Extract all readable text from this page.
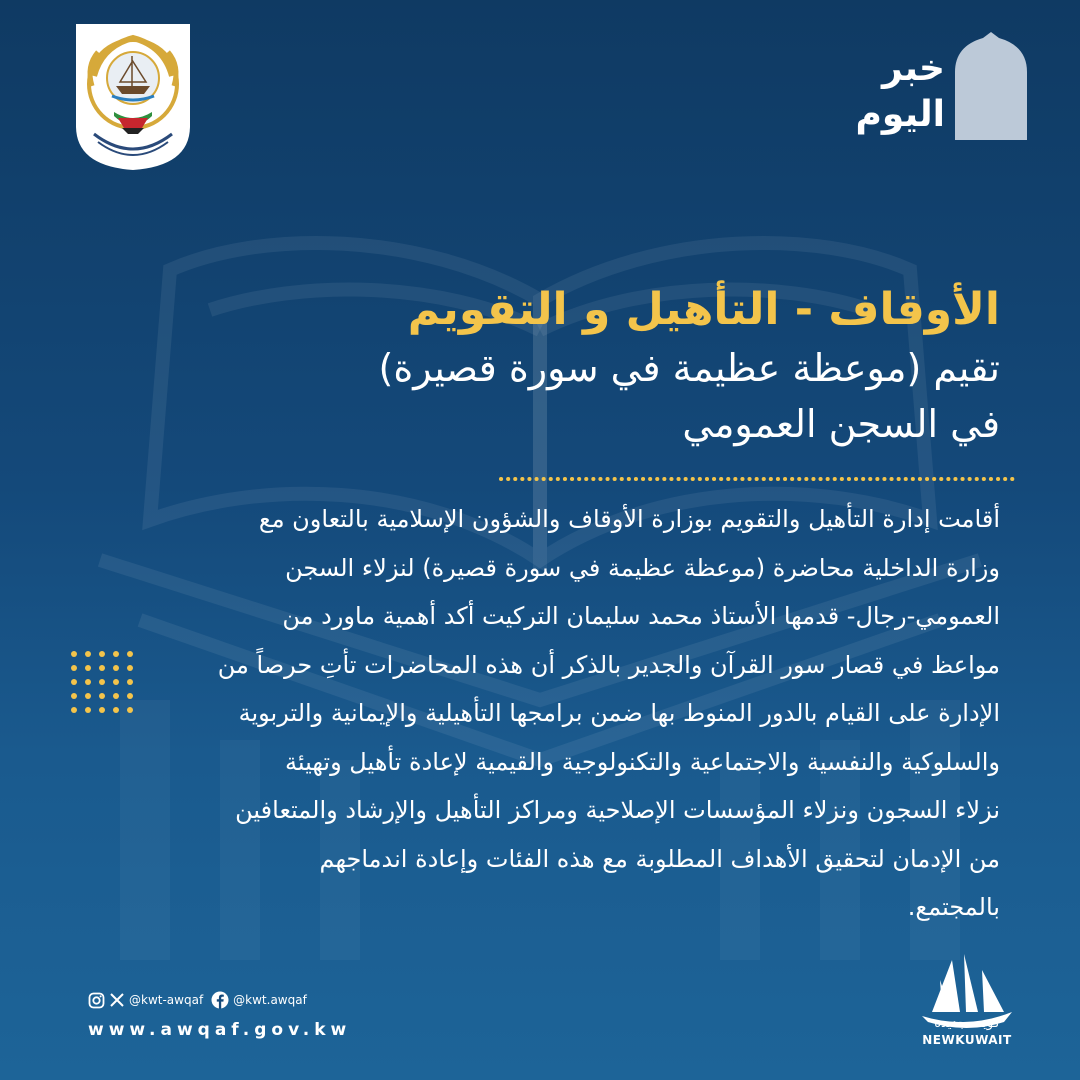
خبر
اليوم
الأوقاف - التأهيل و التقويم
تقيم (موعظة عظيمة في سورة قصيرة)
في السجن العمومي
أقامت إدارة التأهيل والتقويم بوزارة الأوقاف والشؤون الإسلامية بالتعاون مع
وزارة الداخلية محاضرة (موعظة عظيمة في سورة قصيرة) لنزلاء السجن
العمومي-رجال- قدمها الأستاذ محمد سليمان التركيت أكد أهمية ماورد من
مواعظ في قصار سور القرآن والجدير بالذكر أن هذه المحاضرات تأتِ حرصاً من
الإدارة على القيام بالدور المنوط بها ضمن برامجها التأهيلية والإيمانية والتربوية
والسلوكية والنفسية والاجتماعية والتكنولوجية والقيمية لإعادة تأهيل وتهيئة
نزلاء السجون ونزلاء المؤسسات الإصلاحية ومراكز التأهيل والإرشاد والمتعافين
من الإدمان لتحقيق الأهداف المطلوبة مع هذه الفئات وإعادة اندماجهم
بالمجتمع.
@kwt-awqaf	@kwt.awqaf
www.awqaf.gov.kw	كويت جديدة
NEWKUWAIT
